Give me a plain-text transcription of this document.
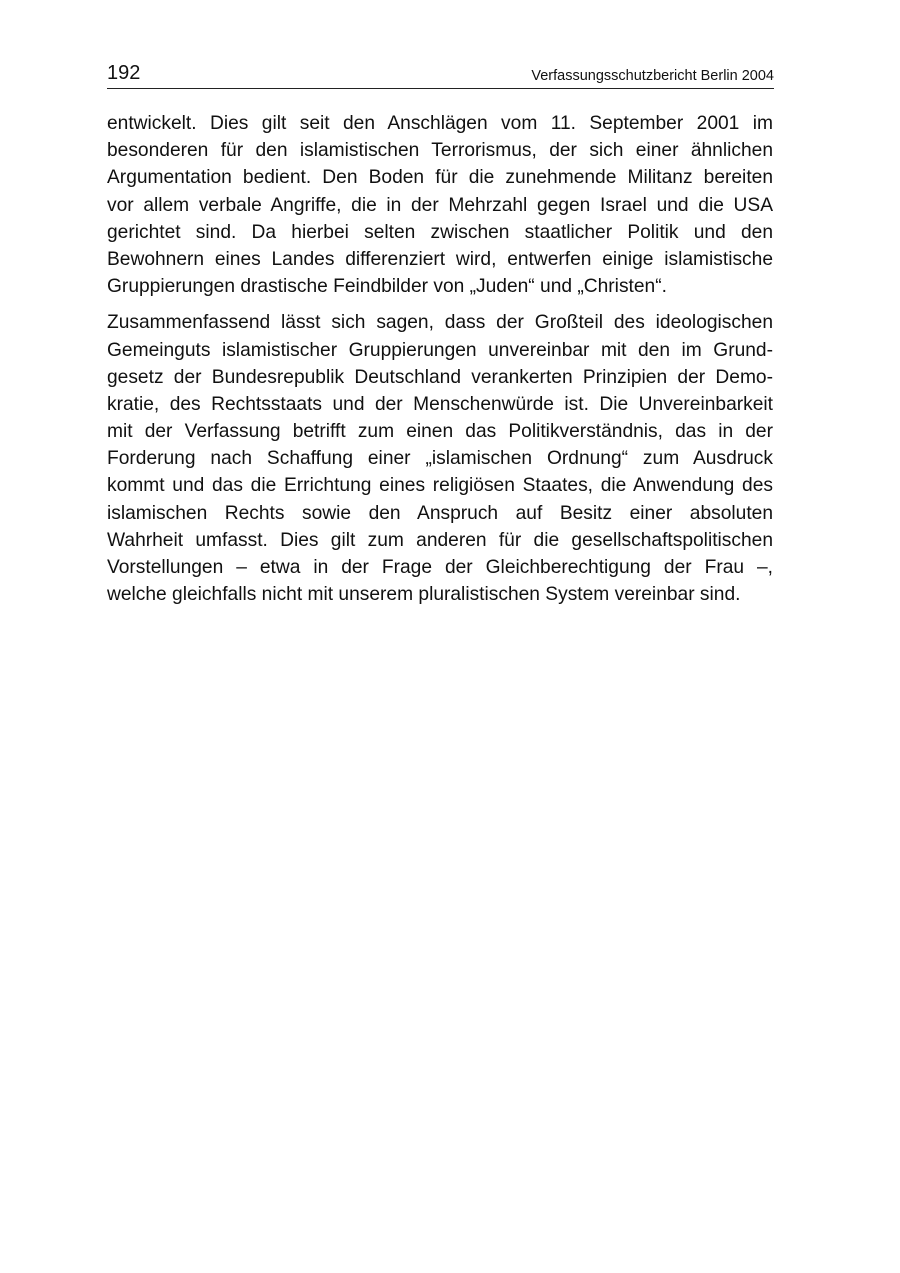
192	Verfassungsschutzbericht Berlin 2004

entwickelt. Dies gilt seit den Anschlägen vom 11. September 2001 im
besonderen für den islamistischen Terrorismus, der sich einer ähnlichen
Argumentation bedient. Den Boden für die zunehmende Militanz bereiten
vor allem verbale Angriffe, die in der Mehrzahl gegen Israel und die USA
gerichtet sind. Da hierbei selten zwischen staatlicher Politik und den
Bewohnern eines Landes differenziert wird, entwerfen einige islamistische
Gruppierungen drastische Feindbilder von „Juden“ und „Christen“.

Zusammenfassend lässt sich sagen, dass der Großteil des ideologischen
Gemeinguts islamistischer Gruppierungen unvereinbar mit den im Grund-
gesetz der Bundesrepublik Deutschland verankerten Prinzipien der Demo-
kratie, des Rechtsstaats und der Menschenwürde ist. Die Unvereinbarkeit
mit der Verfassung betrifft zum einen das Politikverständnis, das in der
Forderung nach Schaffung einer „islamischen Ordnung“ zum Ausdruck
kommt und das die Errichtung eines religiösen Staates, die Anwendung des
islamischen Rechts sowie den Anspruch auf Besitz einer absoluten
Wahrheit umfasst. Dies gilt zum anderen für die gesellschaftspolitischen
Vorstellungen – etwa in der Frage der Gleichberechtigung der Frau –,
welche gleichfalls nicht mit unserem pluralistischen System vereinbar sind.
